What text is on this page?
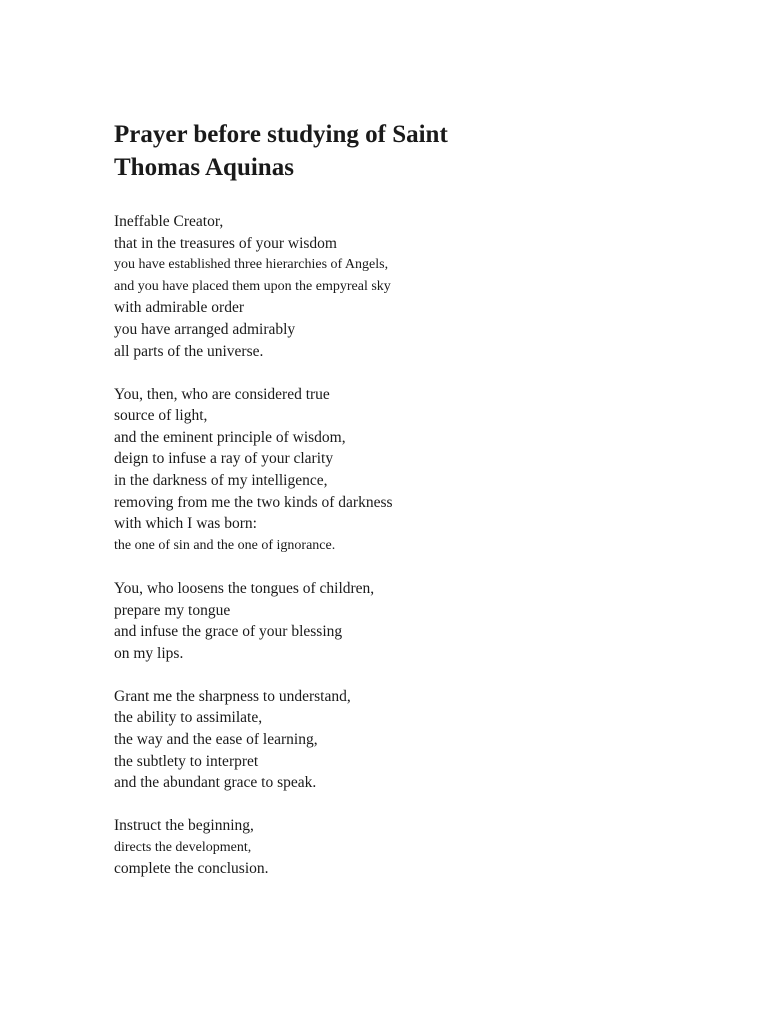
Prayer before studying of Saint
Thomas Aquinas
Ineffable Creator,
that in the treasures of your wisdom
you have established three hierarchies of Angels,
and you have placed them upon the empyreal sky
with admirable order
you have arranged admirably
all parts of the universe.
You, then, who are considered true
source of light,
and the eminent principle of wisdom,
deign to infuse a ray of your clarity
in the darkness of my intelligence,
removing from me the two kinds of darkness
with which I was born:
the one of sin and the one of ignorance.
You, who loosens the tongues of children,
prepare my tongue
and infuse the grace of your blessing
on my lips.
Grant me the sharpness to understand,
the ability to assimilate,
the way and the ease of learning,
the subtlety to interpret
and the abundant grace to speak.
Instruct the beginning,
directs the development,
complete the conclusion.
